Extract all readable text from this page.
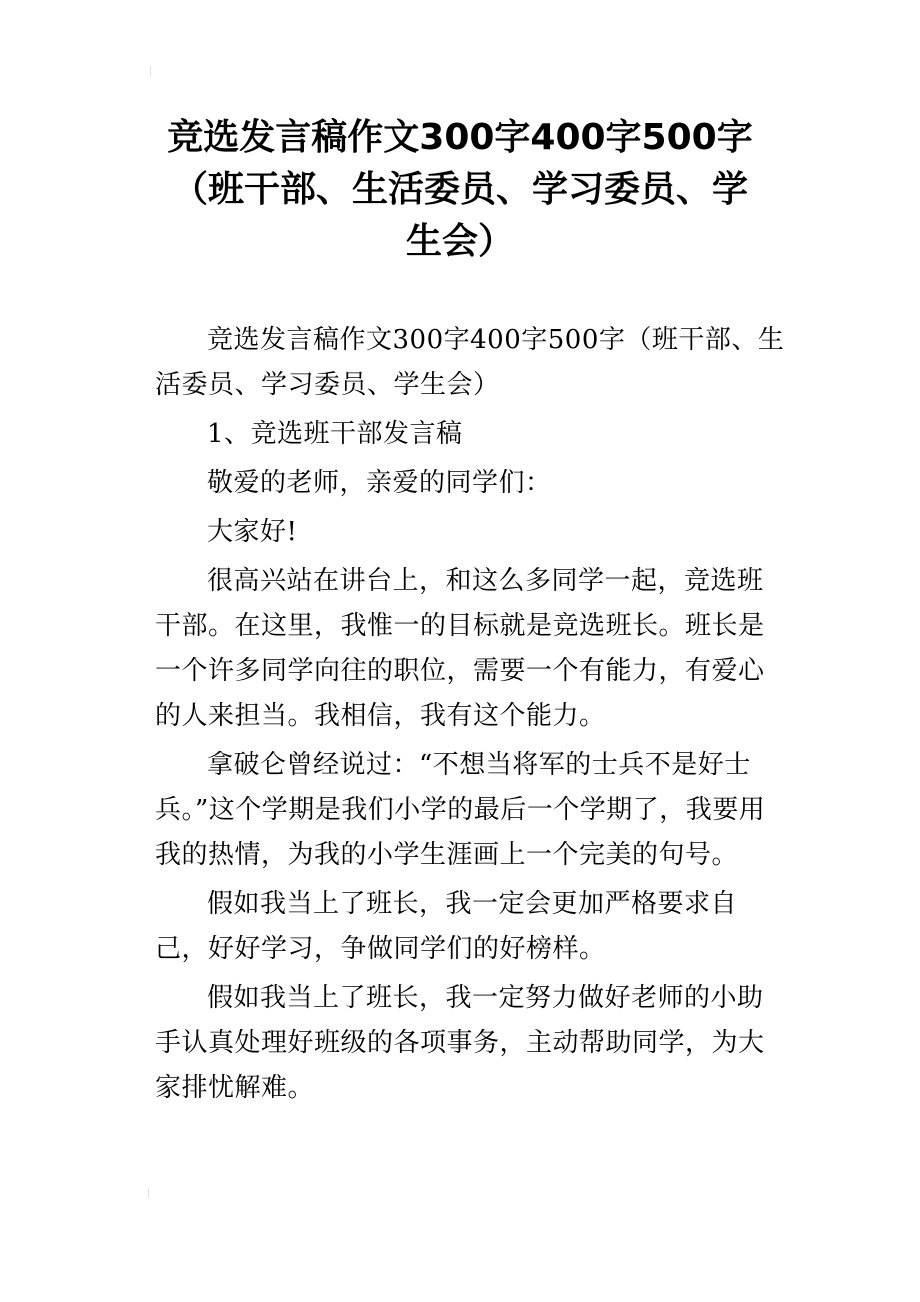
竞选发言稿作文300字400字500字
（班干部、生活委员、学习委员、学
生会）

竞选发言稿作文300字400字500字（班干部、生活委员、学习委员、学生会）

1、竞选班干部发言稿

敬爱的老师，亲爱的同学们：

大家好!

很高兴站在讲台上，和这么多同学一起，竞选班干部。在这里，我惟一的目标就是竞选班长。班长是一个许多同学向往的职位，需要一个有能力，有爱心的人来担当。我相信，我有这个能力。

拿破仑曾经说过：“不想当将军的士兵不是好士兵。”这个学期是我们小学的最后一个学期了，我要用我的热情，为我的小学生涯画上一个完美的句号。

假如我当上了班长，我一定会更加严格要求自己，好好学习，争做同学们的好榜样。

假如我当上了班长，我一定努力做好老师的小助手认真处理好班级的各项事务，主动帮助同学，为大家排忧解难。
